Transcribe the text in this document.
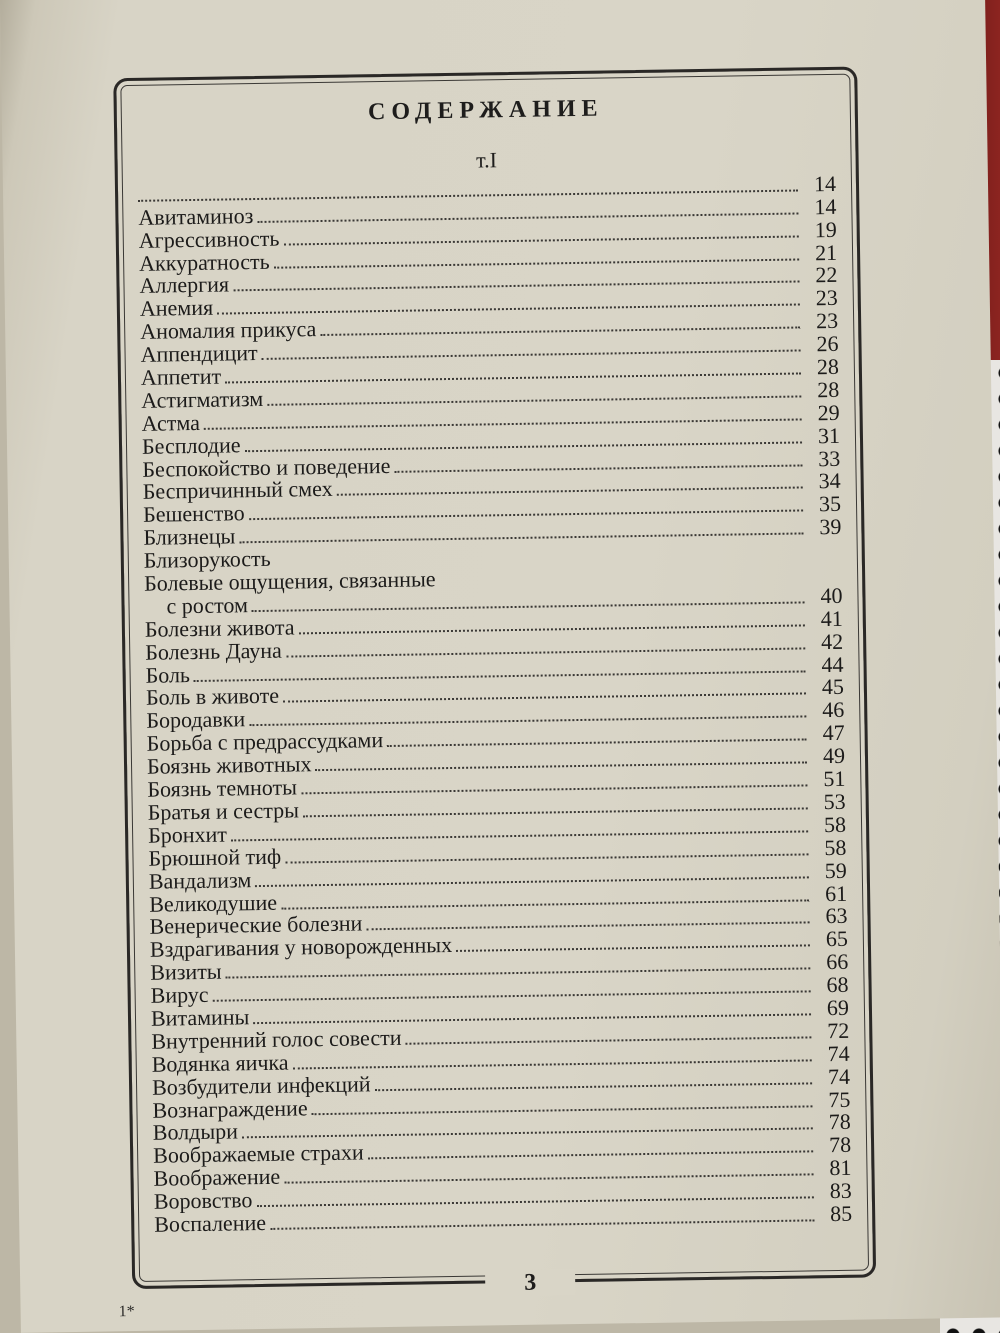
СОДЕРЖАНИЕ
т.I
14
Авитаминоз	14
Агрессивность	19
Аккуратность	21
Аллергия	22
Анемия	23
Аномалия прикуса	23
Аппендицит	26
Аппетит	28
Астигматизм	28
Астма	29
Бесплодие	31
Беспокойство и поведение	33
Беспричинный смех	34
Бешенство	35
Близнецы	39
Близорукость
Болевые ощущения, связанные
с ростом	40
Болезни живота	41
Болезнь Дауна	42
Боль	44
Боль в животе	45
Бородавки	46
Борьба с предрассудками	47
Боязнь животных	49
Боязнь темноты	51
Братья и сестры	53
Бронхит	58
Брюшной тиф	58
Вандализм	59
Великодушие	61
Венерические болезни	63
Вздрагивания у новорожденных	65
Визиты	66
Вирус	68
Витамины	69
Внутренний голос совести	72
Водянка яичка	74
Возбудители инфекций	74
Вознаграждение	75
Волдыри	78
Воображаемые страхи	78
Воображение	81
Воровство	83
Воспаление	85
3
1*
